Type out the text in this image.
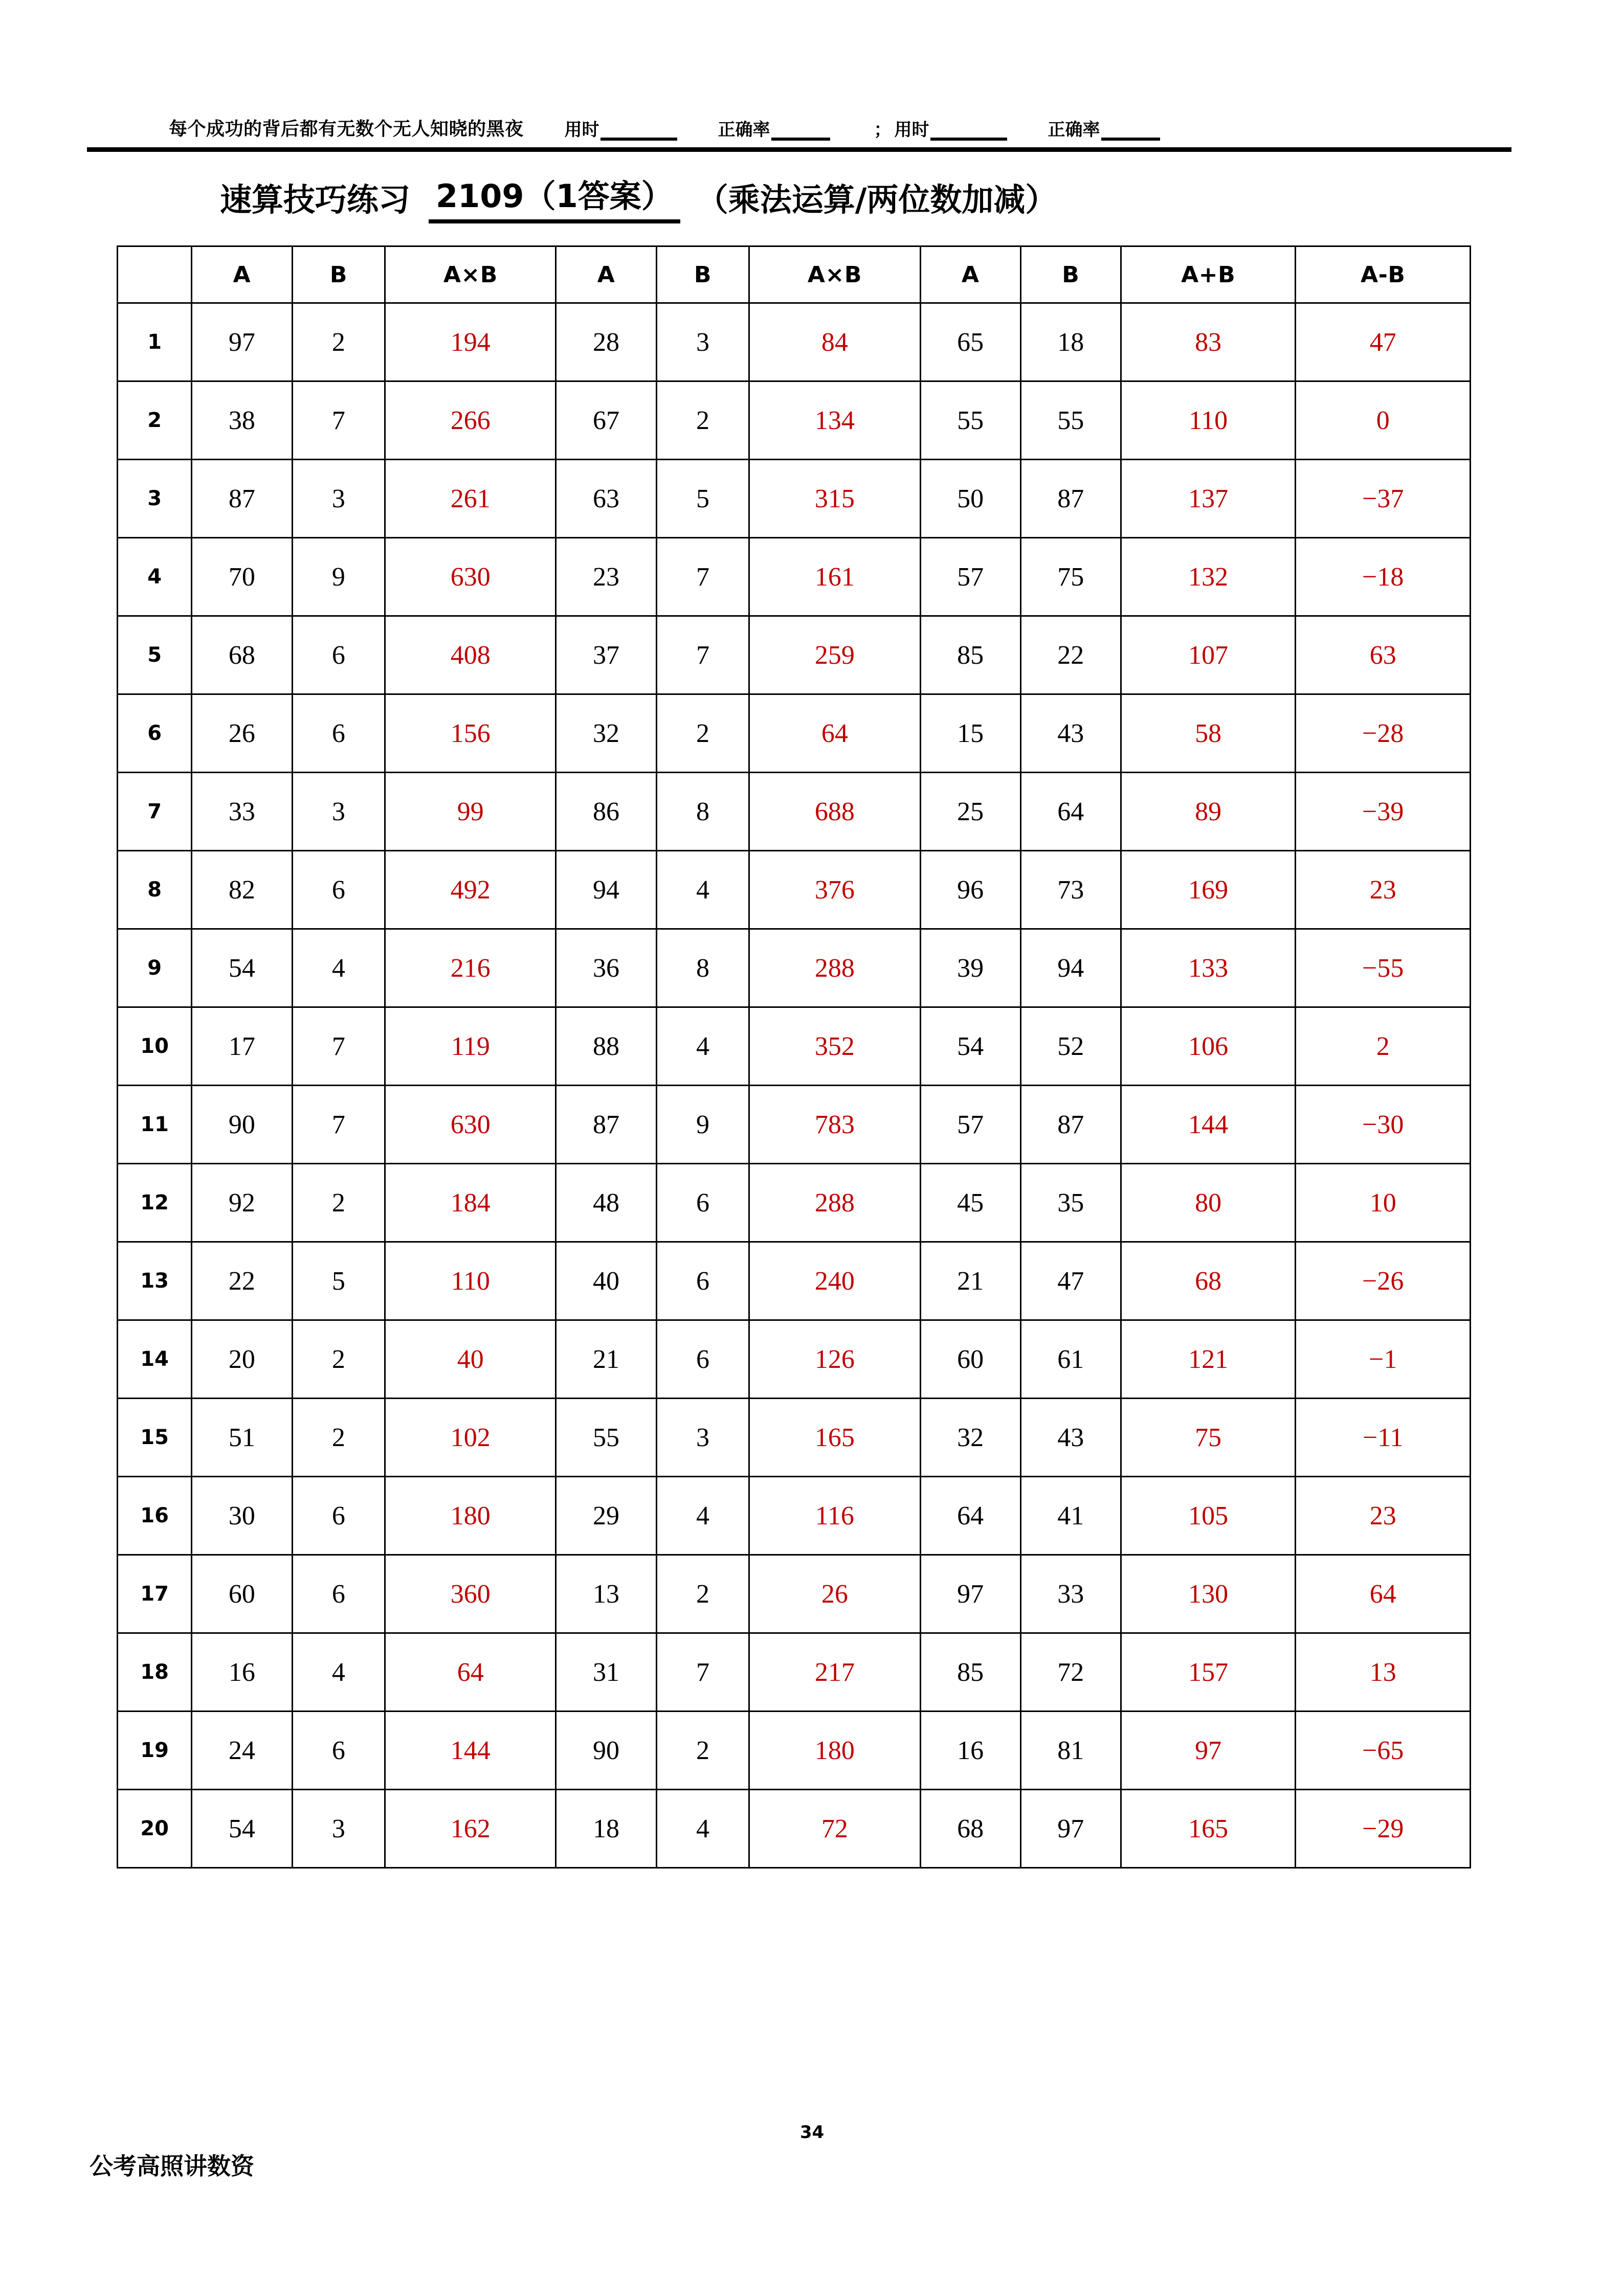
每个成功的背后都有无数个无人知晓的黑夜 用时	正确率	； 用时	正确率
速算技巧练习 2109（1答案） （乘法运算/两位数加减）
	A	B	A×B	A	B	A×B	A	B	A+B	A-B
1	97	2	194	28	3	84	65	18	83	47
2	38	7	266	67	2	134	55	55	110	0
3	87	3	261	63	5	315	50	87	137	−37
4	70	9	630	23	7	161	57	75	132	−18
5	68	6	408	37	7	259	85	22	107	63
6	26	6	156	32	2	64	15	43	58	−28
7	33	3	99	86	8	688	25	64	89	−39
8	82	6	492	94	4	376	96	73	169	23
9	54	4	216	36	8	288	39	94	133	−55
10	17	7	119	88	4	352	54	52	106	2
11	90	7	630	87	9	783	57	87	144	−30
12	92	2	184	48	6	288	45	35	80	10
13	22	5	110	40	6	240	21	47	68	−26
14	20	2	40	21	6	126	60	61	121	−1
15	51	2	102	55	3	165	32	43	75	−11
16	30	6	180	29	4	116	64	41	105	23
17	60	6	360	13	2	26	97	33	130	64
18	16	4	64	31	7	217	85	72	157	13
19	24	6	144	90	2	180	16	81	97	−65
20	54	3	162	18	4	72	68	97	165	−29
34
公考高照讲数资
